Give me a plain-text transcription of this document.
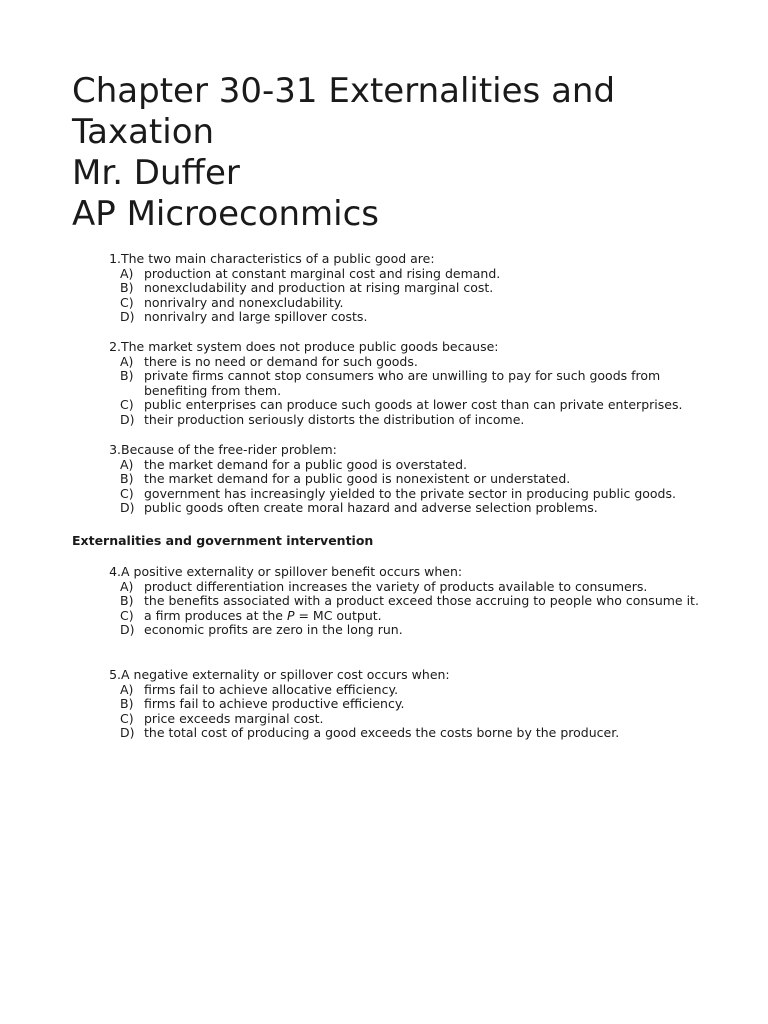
Chapter 30-31 Externalities and
Taxation
Mr. Duffer
AP Microeconmics
1. The two main characteristics of a public good are:
A) production at constant marginal cost and rising demand.
B) nonexcludability and production at rising marginal cost.
C) nonrivalry and nonexcludability.
D) nonrivalry and large spillover costs.
2. The market system does not produce public goods because:
A) there is no need or demand for such goods.
B) private firms cannot stop consumers who are unwilling to pay for such goods from benefiting from them.
C) public enterprises can produce such goods at lower cost than can private enterprises.
D) their production seriously distorts the distribution of income.
3. Because of the free-rider problem:
A) the market demand for a public good is overstated.
B) the market demand for a public good is nonexistent or understated.
C) government has increasingly yielded to the private sector in producing public goods.
D) public goods often create moral hazard and adverse selection problems.
Externalities and government intervention
4. A positive externality or spillover benefit occurs when:
A) product differentiation increases the variety of products available to consumers.
B) the benefits associated with a product exceed those accruing to people who consume it.
C) a firm produces at the P = MC output.
D) economic profits are zero in the long run.
5. A negative externality or spillover cost occurs when:
A) firms fail to achieve allocative efficiency.
B) firms fail to achieve productive efficiency.
C) price exceeds marginal cost.
D) the total cost of producing a good exceeds the costs borne by the producer.
